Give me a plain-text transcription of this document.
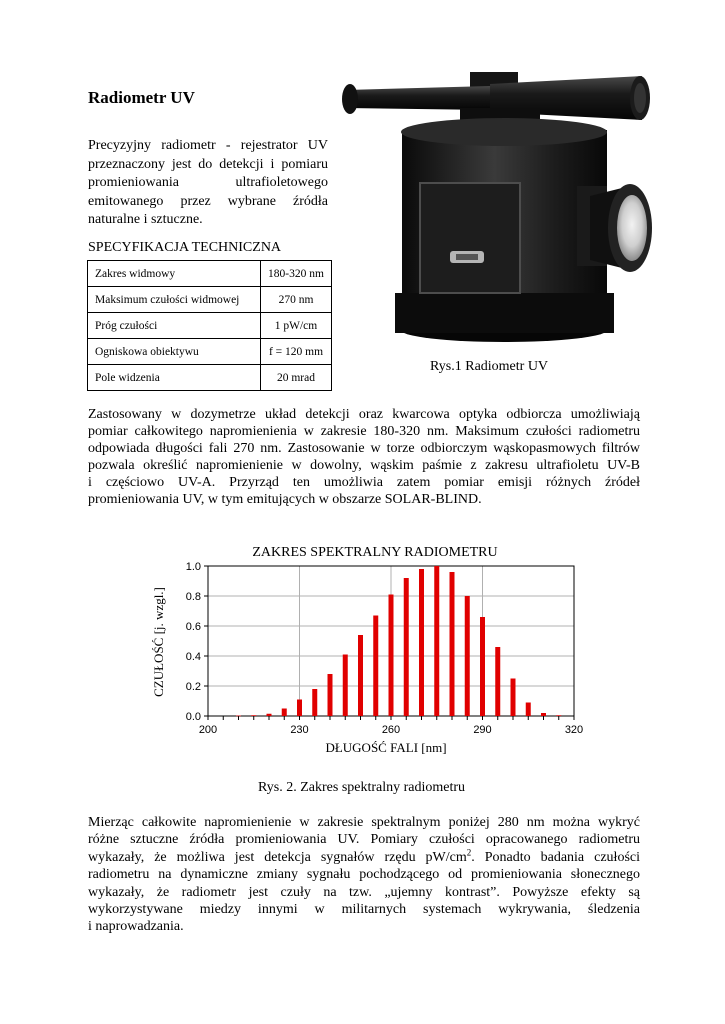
Radiometr UV
Precyzyjny radiometr - rejestrator UV
przeznaczony jest do detekcji i pomiaru
promieniowania ultrafioletowego
emitowanego przez wybrane źródła
naturalne i sztuczne.
SPECYFIKACJA TECHNICZNA
Zakres widmowy	180-320 nm
Maksimum czułości widmowej	270 nm
Próg czułości	1 pW/cm
Ogniskowa obiektywu	f = 120 mm
Pole widzenia	20 mrad
Rys.1 Radiometr UV
Zastosowany w dozymetrze układ detekcji oraz kwarcowa optyka odbiorcza umożliwiają
pomiar całkowitego napromienienia w zakresie 180-320 nm. Maksimum czułości radiometru
odpowiada długości fali 270 nm. Zastosowanie w torze odbiorczym wąskopasmowych filtrów
pozwala określić napromienienie w dowolny, wąskim paśmie z zakresu ultrafioletu UV-B
i częściowo UV-A. Przyrząd ten umożliwia zatem pomiar emisji różnych źródeł
promieniowania UV, w tym emitujących w obszarze SOLAR-BLIND.
ZAKRES SPEKTRALNY RADIOMETRU
0.0
0.2
0.4
0.6
0.8
1.0
200	230	260	290	320
DŁUGOŚĆ FALI [nm]
CZUŁOŚĆ [j. wzgl.]
Rys. 2. Zakres spektralny radiometru
Mierząc całkowite napromienienie w zakresie spektralnym poniżej 280 nm można wykryć
różne sztuczne źródła promieniowania UV. Pomiary czułości opracowanego radiometru
wykazały, że możliwa jest detekcja sygnałów rzędu $pW/cm^2$. Ponadto badania czułości
radiometru na dynamiczne zmiany sygnału pochodzącego od promieniowania słonecznego
wykazały, że radiometr jest czuły na tzw. „ujemny kontrast”. Powyższe efekty są
wykorzystywane miedzy innymi w militarnych systemach wykrywania, śledzenia
i naprowadzania.
